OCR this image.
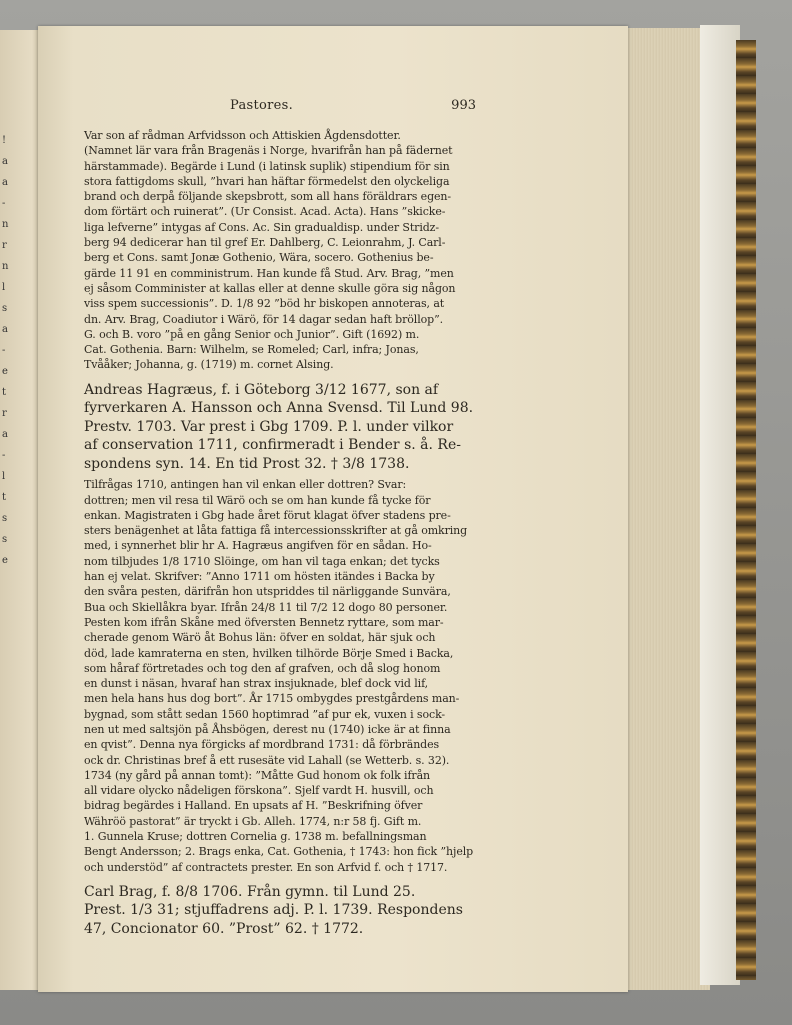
!
a
a
-
n
r
n
l
s
a
-
e
t
r
a
-
l
t
s
s
e
Pastores.	993

Var son af rådman Arfvidsson och Attiskien Ågdensdotter.
(Namnet lär vara från Bragenäs i Norge, hvarifrån han på fädernet
härstammade). Begärde i Lund (i latinsk suplik) stipendium för sin
stora fattigdoms skull, ”hvari han häftar förmedelst den olyckeliga
brand och derpå följande skepsbrott, som all hans föräldrars egen-
dom förtärt och ruinerat”. (Ur Consist. Acad. Acta). Hans ”skicke-
liga lefverne” intygas af Cons. Ac. Sin gradualdisp. under Stridz-
berg 94 dedicerar han til gref Er. Dahlberg, C. Leionrahm, J. Carl-
berg et Cons. samt Jonæ Gothenio, Wära, socero. Gothenius be-
gärde 11 91 en comministrum. Han kunde få Stud. Arv. Brag, ”men
ej såsom Comminister at kallas eller at denne skulle göra sig någon
viss spem successionis”. D. 1/8 92 ”böd hr biskopen annoteras, at
dn. Arv. Brag, Coadiutor i Wärö, för 14 dagar sedan haft bröllop”.
G. och B. voro ”på en gång Senior och Junior”. Gift (1692) m.
Cat. Gothenia. Barn: Wilhelm, se Romeled; Carl, infra; Jonas,
Tvååker; Johanna, g. (1719) m. cornet Alsing.

Andreas Hagræus, f. i Göteborg 3/12 1677, son af
fyrverkaren A. Hansson och Anna Svensd. Til Lund 98.
Prestv. 1703. Var prest i Gbg 1709. P. l. under vilkor
af conservation 1711, confirmeradt i Bender s. å. Re-
spondens syn. 14. En tid Prost 32. † 3/8 1738.

Tilfrågas 1710, antingen han vil enkan eller dottren? Svar:
dottren; men vil resa til Wärö och se om han kunde få tycke för
enkan. Magistraten i Gbg hade året förut klagat öfver stadens pre-
sters benägenhet at låta fattiga få intercessionsskrifter at gå omkring
med, i synnerhet blir hr A. Hagræus angifven för en sådan. Ho-
nom tilbjudes 1/8 1710 Slöinge, om han vil taga enkan; det tycks
han ej velat. Skrifver: ”Anno 1711 om hösten itändes i Backa by
den svåra pesten, därifrån hon utspriddes til närliggande Sunvära,
Bua och Skiellåkra byar. Ifrån 24/8 11 til 7/2 12 dogo 80 personer.
Pesten kom ifrån Skåne med öfversten Bennetz ryttare, som mar-
cherade genom Wärö åt Bohus län: öfver en soldat, här sjuk och
död, lade kamraterna en sten, hvilken tilhörde Börje Smed i Backa,
som håraf förtretades och tog den af grafven, och då slog honom
en dunst i näsan, hvaraf han strax insjuknade, blef dock vid lif,
men hela hans hus dog bort”. År 1715 ombygdes prestgårdens man-
bygnad, som stått sedan 1560 hoptimrad ”af pur ek, vuxen i sock-
nen ut med saltsjön på Åhsbögen, derest nu (1740) icke är at finna
en qvist”. Denna nya förgicks af mordbrand 1731: då förbrändes
ock dr. Christinas bref å ett rusesäte vid Lahall (se Wetterb. s. 32).
1734 (ny gård på annan tomt): ”Måtte Gud honom ok folk ifrån
all vidare olycko nådeligen förskona”. Sjelf vardt H. husvill, och
bidrag begärdes i Halland. En upsats af H. ”Beskrifning öfver
Währöö pastorat” är tryckt i Gb. Alleh. 1774, n:r 58 fj. Gift m.
1. Gunnela Kruse; dottren Cornelia g. 1738 m. befallningsman
Bengt Andersson; 2. Brags enka, Cat. Gothenia, † 1743: hon fick ”hjelp
och understöd” af contractets prester. En son Arfvid f. och † 1717.

Carl Brag, f. 8/8 1706. Från gymn. til Lund 25.
Prest. 1/3 31; stjuffadrens adj. P. l. 1739. Respondens
47, Concionator 60. ”Prost” 62. † 1772.
